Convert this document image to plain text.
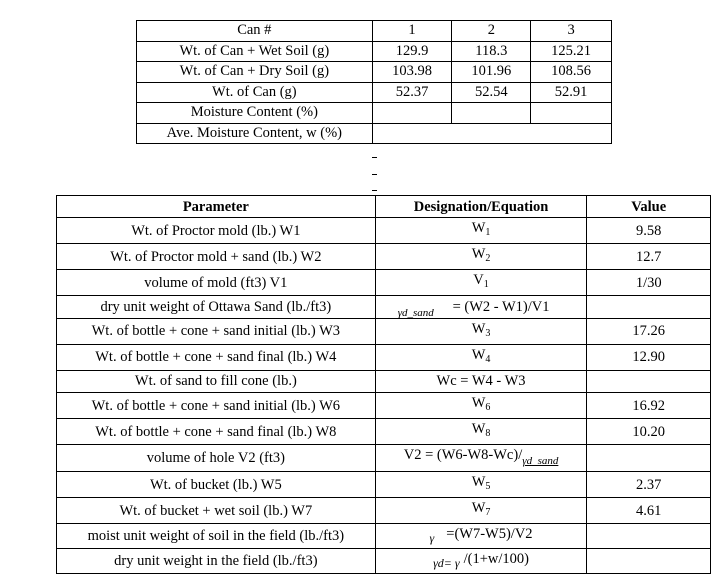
Can #	1	2	3
Wt. of Can + Wet Soil (g)	129.9	118.3	125.21
Wt. of Can + Dry Soil (g)	103.98	101.96	108.56
Wt. of Can (g)	52.37	52.54	52.91
Moisture Content (%)			
Ave. Moisture Content, w (%)			
Parameter	Designation/Equation	Value
Wt. of Proctor mold (lb.) W1	$W_1$	9.58
Wt. of Proctor mold + sand (lb.) W2	$W_2$	12.7
volume of mold (ft3) V1	$V_1$	1/30
dry unit weight of Ottawa Sand (lb./ft3)	γd_sand = (W2 - W1)/V1	
Wt. of bottle + cone + sand initial (lb.) W3	$W_3$	17.26
Wt. of bottle + cone + sand final (lb.) W4	$W_4$	12.90
Wt. of sand to fill cone (lb.)	Wc = W4 - W3	
Wt. of bottle + cone + sand initial (lb.) W6	$W_6$	16.92
Wt. of bottle + cone + sand final (lb.) W8	$W_8$	10.20
volume of hole V2 (ft3)	$V2 = (W6-W8-Wc)/_{\gamma d\_sand}$	
Wt. of bucket (lb.) W5	$W_5$	2.37
Wt. of bucket + wet soil (lb.) W7	$W_7$	4.61
moist unit weight of soil in the field (lb./ft3)	$_\gamma$ =(W7-W5)/V2	
dry unit weight in the field (lb./ft3)	$_{\gamma d= \gamma}$ /(1+w/100)	
